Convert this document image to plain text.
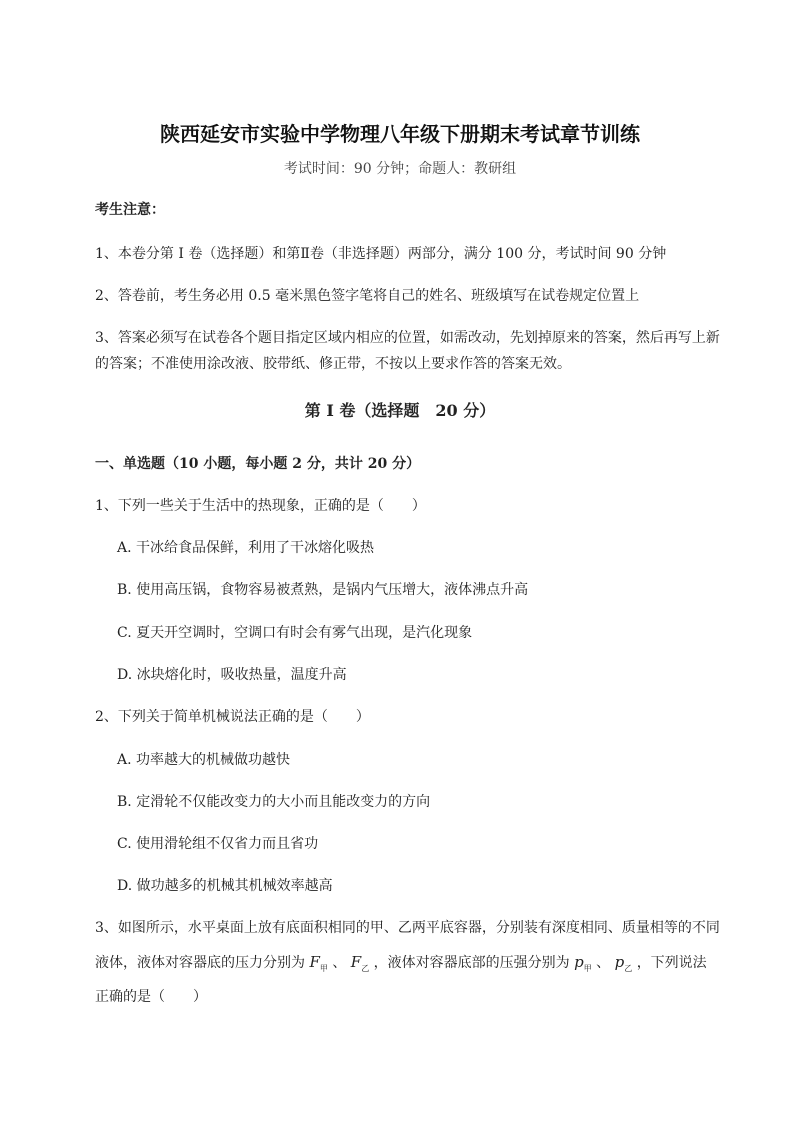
陕西延安市实验中学物理八年级下册期末考试章节训练
考试时间：90 分钟；命题人：教研组
考生注意：
1、本卷分第 I 卷（选择题）和第Ⅱ卷（非选择题）两部分，满分 100 分，考试时间 90 分钟
2、答卷前，考生务必用 0.5 毫米黑色签字笔将自己的姓名、班级填写在试卷规定位置上
3、答案必须写在试卷各个题目指定区域内相应的位置，如需改动，先划掉原来的答案，然后再写上新
的答案；不准使用涂改液、胶带纸、修正带，不按以上要求作答的答案无效。
第 I 卷（选择题　20 分）
一、单选题（10 小题，每小题 2 分，共计 20 分）
1、下列一些关于生活中的热现象，正确的是（　　）
A. 干冰给食品保鲜，利用了干冰熔化吸热
B. 使用高压锅，食物容易被煮熟，是锅内气压增大，液体沸点升高
C. 夏天开空调时，空调口有时会有雾气出现，是汽化现象
D. 冰块熔化时，吸收热量，温度升高
2、下列关于简单机械说法正确的是（　　）
A. 功率越大的机械做功越快
B. 定滑轮不仅能改变力的大小而且能改变力的方向
C. 使用滑轮组不仅省力而且省功
D. 做功越多的机械其机械效率越高
3、如图所示，水平桌面上放有底面积相同的甲、乙两平底容器，分别装有深度相同、质量相等的不同
液体，液体对容器底的压力分别为 $F_甲$ 、 $F_乙$ ，液体对容器底部的压强分别为 $p_甲$ 、 $p_乙$ ，下列说法
正确的是（　　）
